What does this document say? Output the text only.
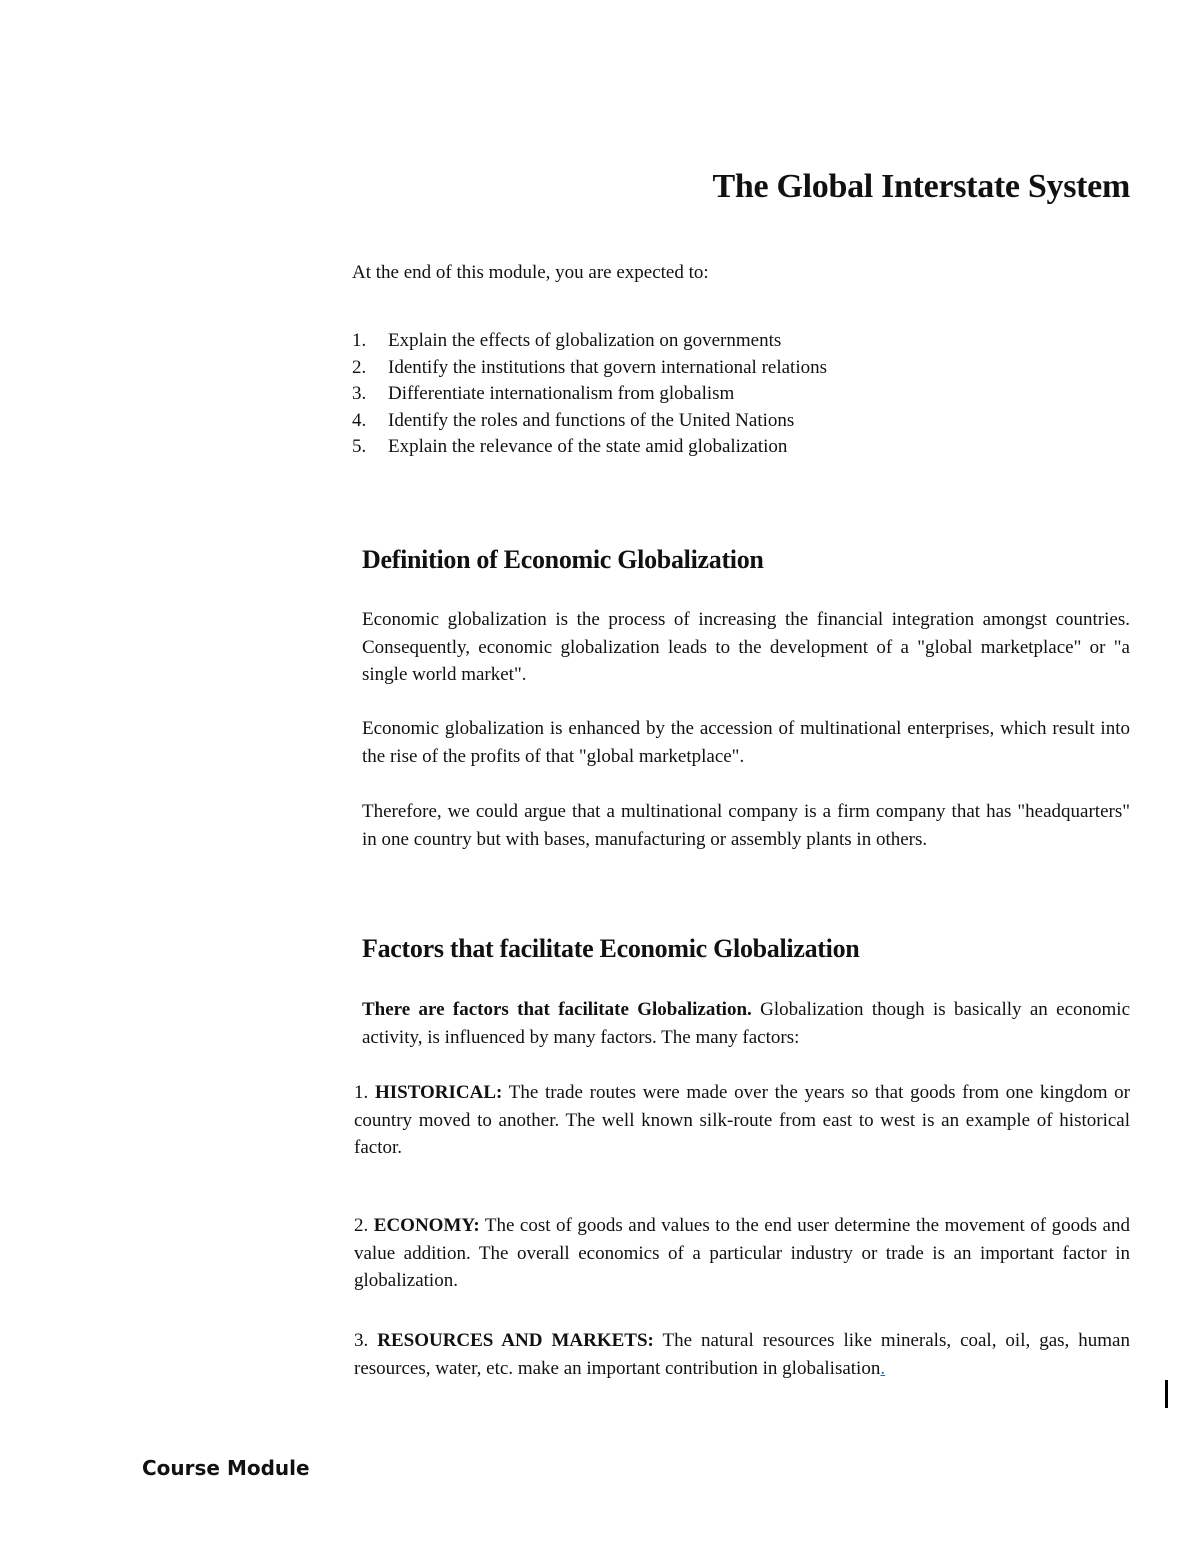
The Global Interstate System

At the end of this module, you are expected to:

1. Explain the effects of globalization on governments
2. Identify the institutions that govern international relations
3. Differentiate internationalism from globalism
4. Identify the roles and functions of the United Nations
5. Explain the relevance of the state amid globalization
Definition of Economic Globalization

Economic globalization is the process of increasing the financial integration amongst countries. Consequently, economic globalization leads to the development of a "global marketplace" or "a single world market".

Economic globalization is enhanced by the accession of multinational enterprises, which result into the rise of the profits of that "global marketplace".

Therefore, we could argue that a multinational company is a firm company that has "headquarters" in one country but with bases, manufacturing or assembly plants in others.

Factors that facilitate Economic Globalization

There are factors that facilitate Globalization. Globalization though is basically an economic activity, is influenced by many factors. The many factors:

1. HISTORICAL: The trade routes were made over the years so that goods from one kingdom or country moved to another. The well known silk-route from east to west is an example of historical factor.

2. ECONOMY: The cost of goods and values to the end user determine the movement of goods and value addition. The overall economics of a particular industry or trade is an important factor in globalization.

3. RESOURCES AND MARKETS: The natural resources like minerals, coal, oil, gas, human resources, water, etc. make an important contribution in globalisation.

Course Module
